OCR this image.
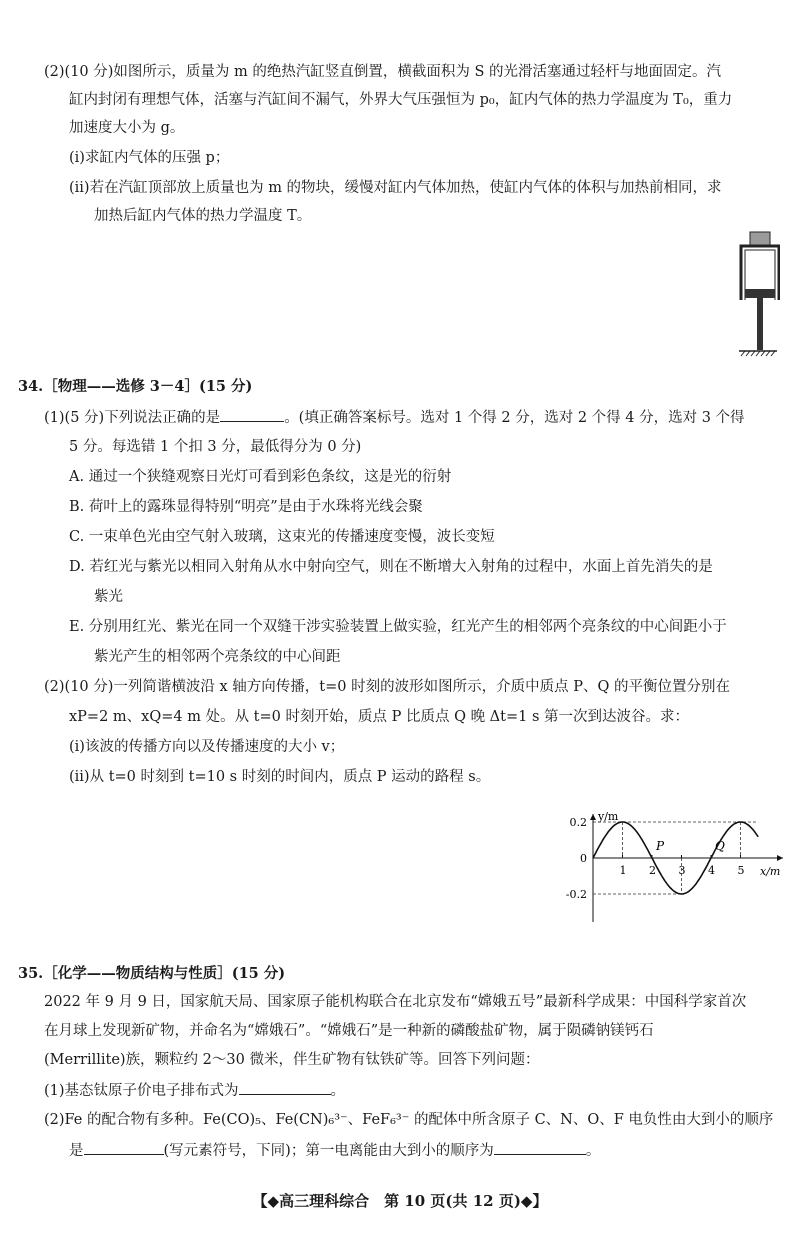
(2)(10 分)如图所示，质量为 m 的绝热汽缸竖直倒置，横截面积为 S 的光滑活塞通过轻杆与地面固定。汽
缸内封闭有理想气体，活塞与汽缸间不漏气，外界大气压强恒为 p₀，缸内气体的热力学温度为 T₀，重力
加速度大小为 g。
(ⅰ)求缸内气体的压强 p；
(ⅱ)若在汽缸顶部放上质量也为 m 的物块，缓慢对缸内气体加热，使缸内气体的体积与加热前相同，求
加热后缸内气体的热力学温度 T。
34.［物理——选修 3－4］(15 分)
(1)(5 分)下列说法正确的是	。(填正确答案标号。选对 1 个得 2 分，选对 2 个得 4 分，选对 3 个得
5 分。每选错 1 个扣 3 分，最低得分为 0 分)
A. 通过一个狭缝观察日光灯可看到彩色条纹，这是光的衍射
B. 荷叶上的露珠显得特别“明亮”是由于水珠将光线会聚
C. 一束单色光由空气射入玻璃，这束光的传播速度变慢，波长变短
D. 若红光与紫光以相同入射角从水中射向空气，则在不断增大入射角的过程中，水面上首先消失的是
紫光
E. 分别用红光、紫光在同一个双缝干涉实验装置上做实验，红光产生的相邻两个亮条纹的中心间距小于
紫光产生的相邻两个亮条纹的中心间距
(2)(10 分)一列简谐横波沿 x 轴方向传播，t=0 时刻的波形如图所示，介质中质点 P、Q 的平衡位置分别在
xP=2 m、xQ=4 m 处。从 t=0 时刻开始，质点 P 比质点 Q 晚 Δt=1 s 第一次到达波谷。求：
(ⅰ)该波的传播方向以及传播速度的大小 v；
(ⅱ)从 t=0 时刻到 t=10 s 时刻的时间内，质点 P 运动的路程 s。
y/m
x/m
0.2
0
-0.2
1 2 3 4 5
P	Q
35.［化学——物质结构与性质］(15 分)
2022 年 9 月 9 日，国家航天局、国家原子能机构联合在北京发布“嫦娥五号”最新科学成果：中国科学家首次
在月球上发现新矿物，并命名为“嫦娥石”。“嫦娥石”是一种新的磷酸盐矿物，属于陨磷钠镁钙石
(Merrillite)族，颗粒约 2～30 微米，伴生矿物有钛铁矿等。回答下列问题：
(1)基态钛原子价电子排布式为	。
(2)Fe 的配合物有多种。Fe(CO)₅、Fe(CN)₆³⁻、FeF₆³⁻ 的配体中所含原子 C、N、O、F 电负性由大到小的顺序
是	(写元素符号，下同)；第一电离能由大到小的顺序为	。
【◆高三理科综合　第 10 页(共 12 页)◆】
